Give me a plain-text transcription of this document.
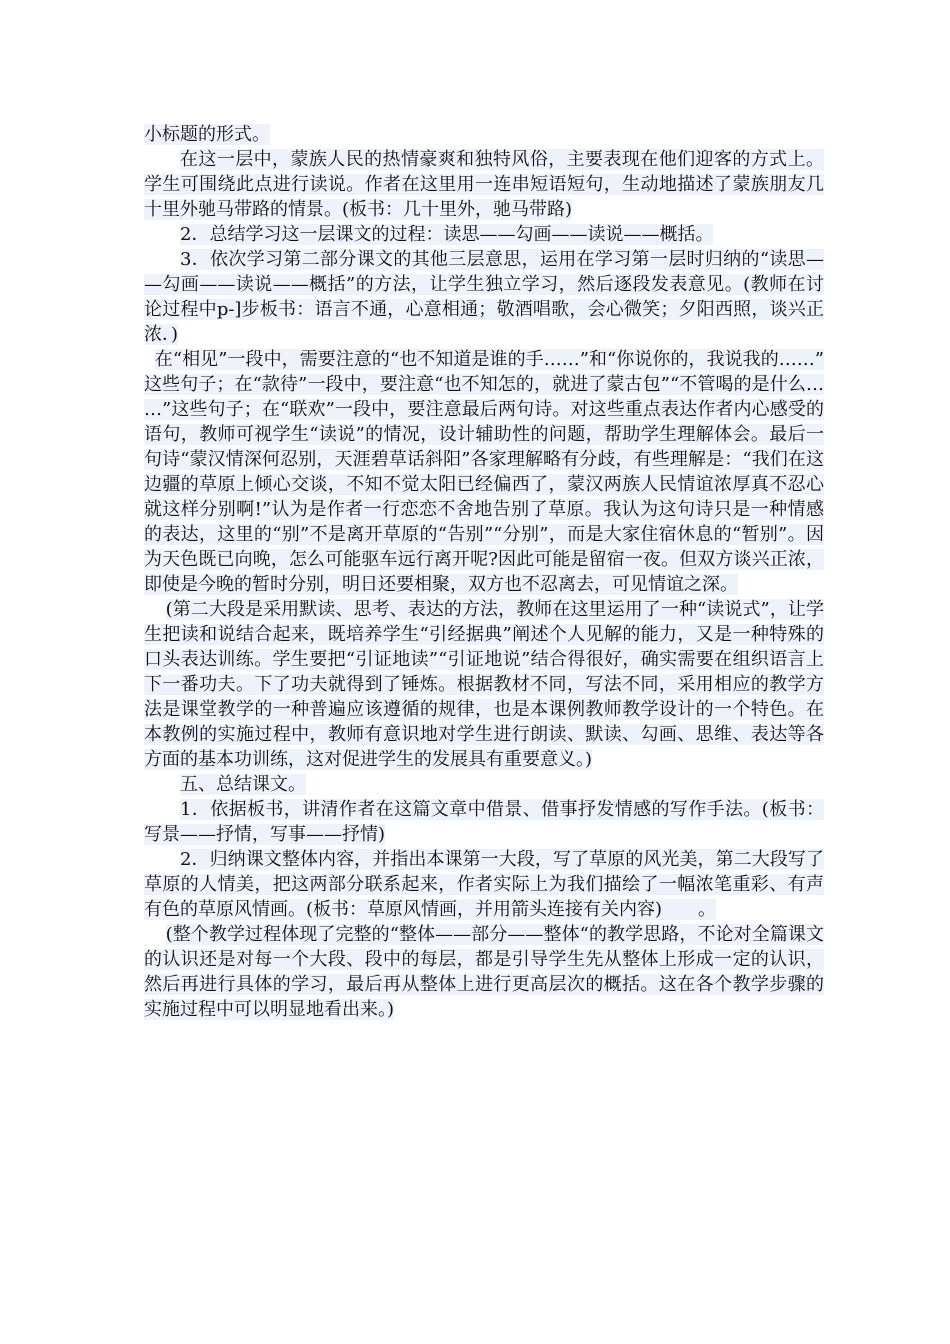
小标题的形式。

在这一层中，蒙族人民的热情豪爽和独特风俗，主要表现在他们迎客的方式上。学生可围绕此点进行读说。作者在这里用一连串短语短句，生动地描述了蒙族朋友几十里外驰马带路的情景。(板书：几十里外，驰马带路)

2．总结学习这一层课文的过程：读思——勾画——读说——概括。

3．依次学习第二部分课文的其他三层意思，运用在学习第一层时归纳的“读思——勾画——读说——概括”的方法，让学生独立学习，然后逐段发表意见。(教师在讨论过程中p-]步板书：语言不通，心意相通；敬酒唱歌，会心微笑；夕阳西照，谈兴正浓．)

在“相见”一段中，需要注意的“也不知道是谁的手……”和“你说你的，我说我的……”这些句子；在“款待”一段中，要注意“也不知怎的，就进了蒙古包”“不管喝的是什么……”这些句子；在“联欢”一段中，要注意最后两句诗。对这些重点表达作者内心感受的语句，教师可视学生“读说”的情况，设计辅助性的问题，帮助学生理解体会。最后一句诗“蒙汉情深何忍别，天涯碧草话斜阳”各家理解略有分歧，有些理解是：“我们在这边疆的草原上倾心交谈，不知不觉太阳已经偏西了，蒙汉两族人民情谊浓厚真不忍心就这样分别啊!”认为是作者一行恋恋不舍地告别了草原。我认为这句诗只是一种情感的表达，这里的“别”不是离开草原的“告别”“分别”，而是大家住宿休息的“暂别”。因为天色既已向晚，怎么可能驱车远行离开呢?因此可能是留宿一夜。但双方谈兴正浓，即使是今晚的暂时分别，明日还要相聚，双方也不忍离去，可见情谊之深。

(第二大段是采用默读、思考、表达的方法，教师在这里运用了一种“读说式”，让学生把读和说结合起来，既培养学生“引经据典”阐述个人见解的能力，又是一种特殊的口头表达训练。学生要把“引证地读”“引证地说”结合得很好，确实需要在组织语言上下一番功夫。下了功夫就得到了锤炼。根据教材不同，写法不同，采用相应的教学方法是课堂教学的一种普遍应该遵循的规律，也是本课例教师教学设计的一个特色。在本教例的实施过程中，教师有意识地对学生进行朗读、默读、勾画、思维、表达等各方面的基本功训练，这对促进学生的发展具有重要意义。)

五、总结课文。

1．依据板书，讲清作者在这篇文章中借景、借事抒发情感的写作手法。(板书：写景——抒情，写事——抒情)

2．归纳课文整体内容，并指出本课第一大段，写了草原的风光美，第二大段写了草原的人情美，把这两部分联系起来，作者实际上为我们描绘了一幅浓笔重彩、有声有色的草原风情画。(板书：草原风情画，并用箭头连接有关内容)　　。

(整个教学过程体现了完整的“整体——部分——整体“的教学思路，不论对全篇课文的认识还是对每一个大段、段中的每层，都是引导学生先从整体上形成一定的认识，然后再进行具体的学习，最后再从整体上进行更高层次的概括。这在各个教学步骤的实施过程中可以明显地看出来。)
